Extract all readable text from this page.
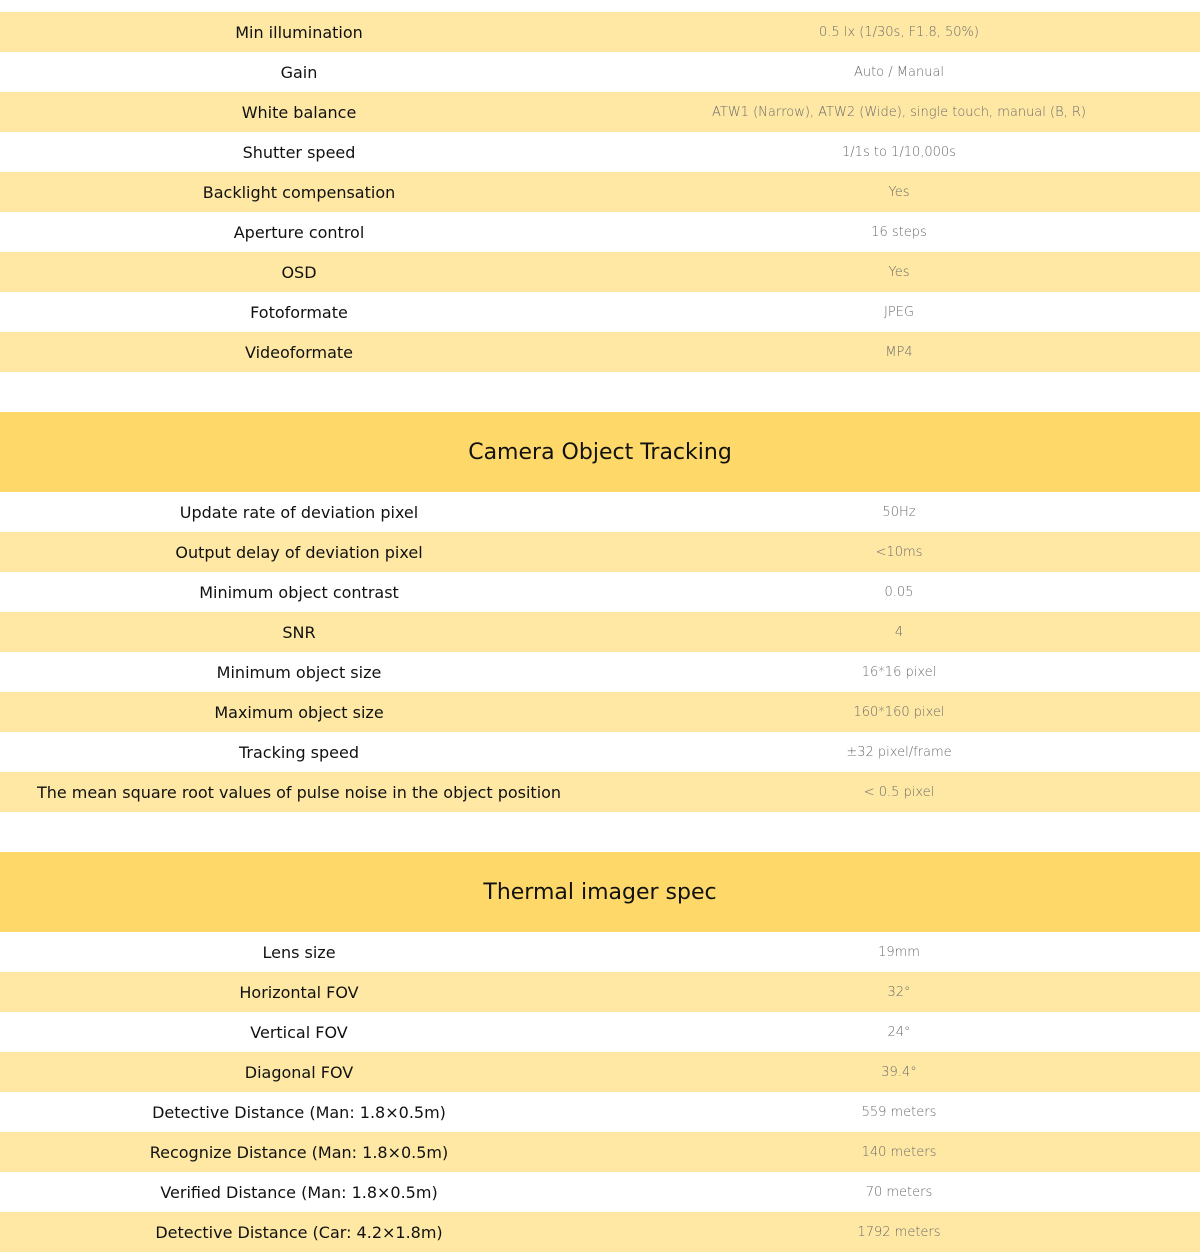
Min illumination	0.5 lx (1/30s, F1.8, 50%)
Gain	Auto / Manual
White balance	ATW1 (Narrow), ATW2 (Wide), single touch, manual (B, R)
Shutter speed	1/1s to 1/10,000s
Backlight compensation	Yes
Aperture control	16 steps
OSD	Yes
Fotoformate	JPEG
Videoformate	MP4
Camera Object Tracking
Update rate of deviation pixel	50Hz
Output delay of deviation pixel	<10ms
Minimum object contrast	0.05
SNR	4
Minimum object size	16*16 pixel
Maximum object size	160*160 pixel
Tracking speed	±32 pixel/frame
The mean square root values of pulse noise in the object position	< 0.5 pixel
Thermal imager spec
Lens size	19mm
Horizontal FOV	32°
Vertical FOV	24°
Diagonal FOV	39.4°
Detective Distance (Man: 1.8×0.5m)	559 meters
Recognize Distance (Man: 1.8×0.5m)	140 meters
Verified Distance (Man: 1.8×0.5m)	70 meters
Detective Distance (Car: 4.2×1.8m)	1792 meters
